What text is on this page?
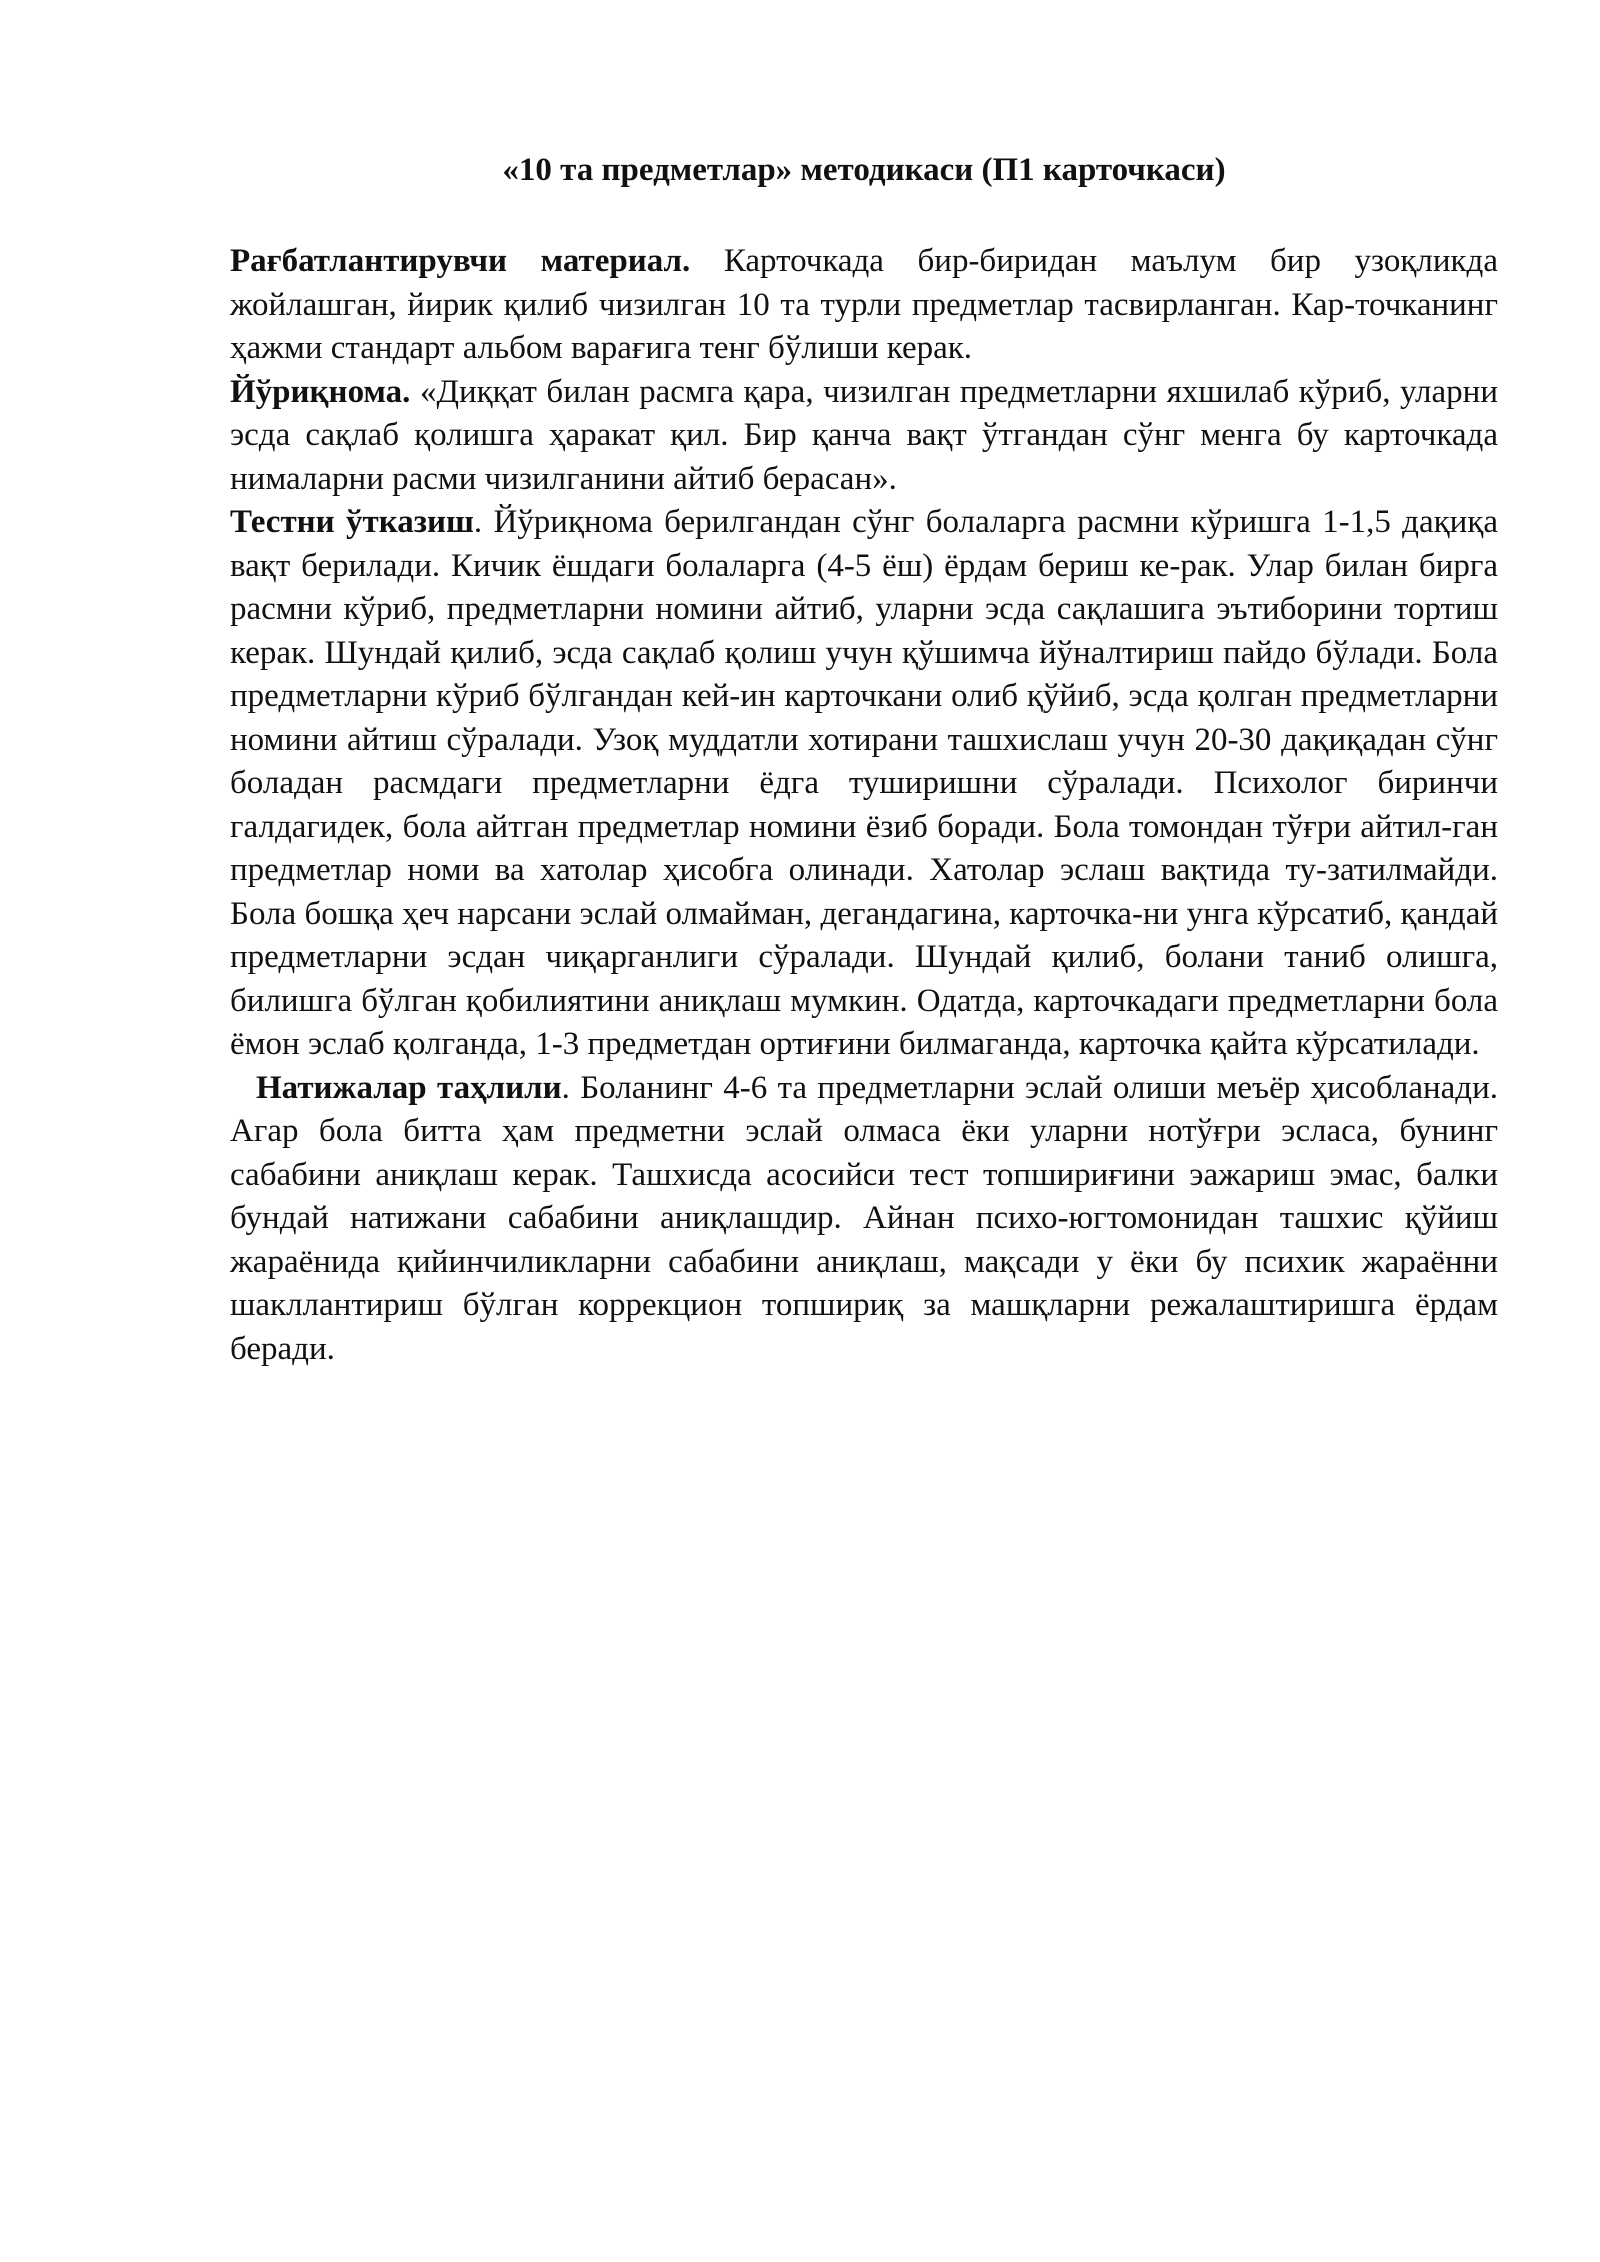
«10 та предметлар» методикаси (П1 карточкаси)

Рағбатлантирувчи материал. Карточкада бир-биридан маълум бир узоқликда жойлашган, йирик қилиб чизилган 10 та турли предметлар тасвирланган. Кар-точканинг ҳажми стандарт альбом варағига тенг бўлиши керак.

Йўриқнома. «Диққат билан расмга қара, чизилган предметларни яхшилаб кўриб, уларни эсда сақлаб қолишга ҳаракат қил. Бир қанча вақт ўтгандан сўнг менга бу карточкада нималарни расми чизилганини айтиб берасан».

Тестни ўтказиш. Йўриқнома берилгандан сўнг болаларга расмни кўришга 1-1,5 дақиқа вақт берилади. Кичик ёшдаги болаларга (4-5 ёш) ёрдам бериш ке-рак. Улар билан бирга расмни кўриб, предметларни номини айтиб, уларни эсда сақлашига эътиборини тортиш керак. Шундай қилиб, эсда сақлаб қолиш учун қўшимча йўналтириш пайдо бўлади. Бола предметларни кўриб бўлгандан кей-ин карточкани олиб қўйиб, эсда қолган предметларни номини айтиш сўралади. Узоқ муддатли хотирани ташхислаш учун 20-30 дақиқадан сўнг боладан расмдаги предметларни ёдга туширишни сўралади. Психолог биринчи галдагидек, бола айтган предметлар номини ёзиб боради. Бола томондан тўғри айтил-ган предметлар номи ва хатолар ҳисобга олинади. Хатолар эслаш вақтида ту-затилмайди. Бола бошқа ҳеч нарсани эслай олмайман, дегандагина, карточка-ни унга кўрсатиб, қандай предметларни эсдан чиқарганлиги сўралади. Шундай қилиб, болани таниб олишга, билишга бўлган қобилиятини аниқлаш мумкин. Одатда, карточкадаги предметларни бола ёмон эслаб қолганда, 1-3 предметдан ортиғини билмаганда, карточка қайта кўрсатилади.

Натижалар таҳлили. Боланинг 4-6 та предметларни эслай олиши меъёр ҳисобланади. Агар бола битта ҳам предметни эслай олмаса ёки уларни нотўғри эсласа, бунинг сабабини аниқлаш керак. Ташхисда асосийси тест топшириғини эажариш эмас, балки бундай натижани сабабини аниқлашдир. Айнан психо-югтомонидан ташхис қўйиш жараёнида қийинчиликларни сабабини аниқлаш, мақсади у ёки бу психик жараённи шакллантириш бўлган коррекцион топшириқ за машқларни режалаштиришга ёрдам беради.
